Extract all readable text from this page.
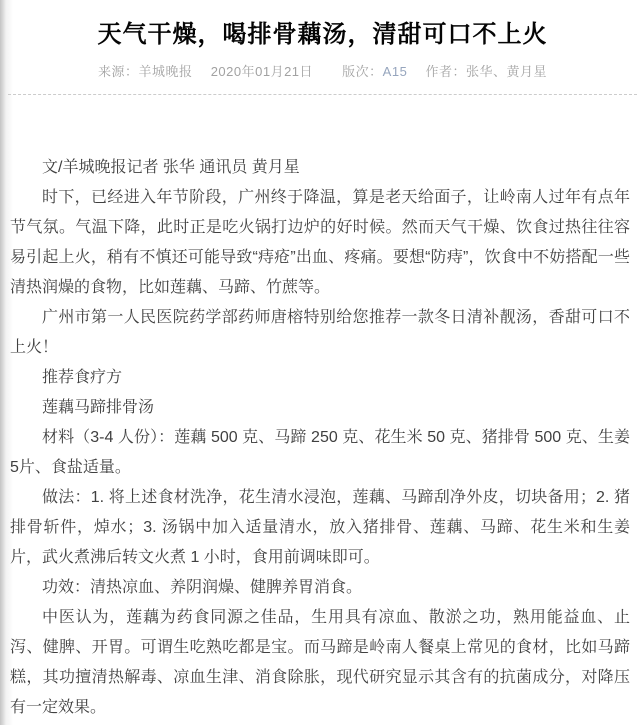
天气干燥，喝排骨藕汤，清甜可口不上火
来源：羊城晚报 2020年01月21日 版次：A15 作者：张华、黄月星

文/羊城晚报记者 张华 通讯员 黄月星

时下，已经进入年节阶段，广州终于降温，算是老天给面子，让岭南人过年有点年节气氛。气温下降，此时正是吃火锅打边炉的好时候。然而天气干燥、饮食过热往往容易引起上火，稍有不慎还可能导致“痔疮”出血、疼痛。要想“防痔”，饮食中不妨搭配一些清热润燥的食物，比如莲藕、马蹄、竹蔗等。

广州市第一人民医院药学部药师唐榕特别给您推荐一款冬日清补靓汤，香甜可口不上火！

推荐食疗方

莲藕马蹄排骨汤

材料（3-4 人份）：莲藕 500 克、马蹄 250 克、花生米 50 克、猪排骨 500 克、生姜 5片、食盐适量。

做法：1. 将上述食材洗净，花生清水浸泡，莲藕、马蹄刮净外皮，切块备用；2. 猪排骨斩件，焯水；3. 汤锅中加入适量清水，放入猪排骨、莲藕、马蹄、花生米和生姜片，武火煮沸后转文火煮 1 小时，食用前调味即可。

功效：清热凉血、养阴润燥、健脾养胃消食。

中医认为，莲藕为药食同源之佳品，生用具有凉血、散淤之功，熟用能益血、止泻、健脾、开胃。可谓生吃熟吃都是宝。而马蹄是岭南人餐桌上常见的食材，比如马蹄糕，其功擅清热解毒、凉血生津、消食除胀，现代研究显示其含有的抗菌成分，对降压有一定效果。
